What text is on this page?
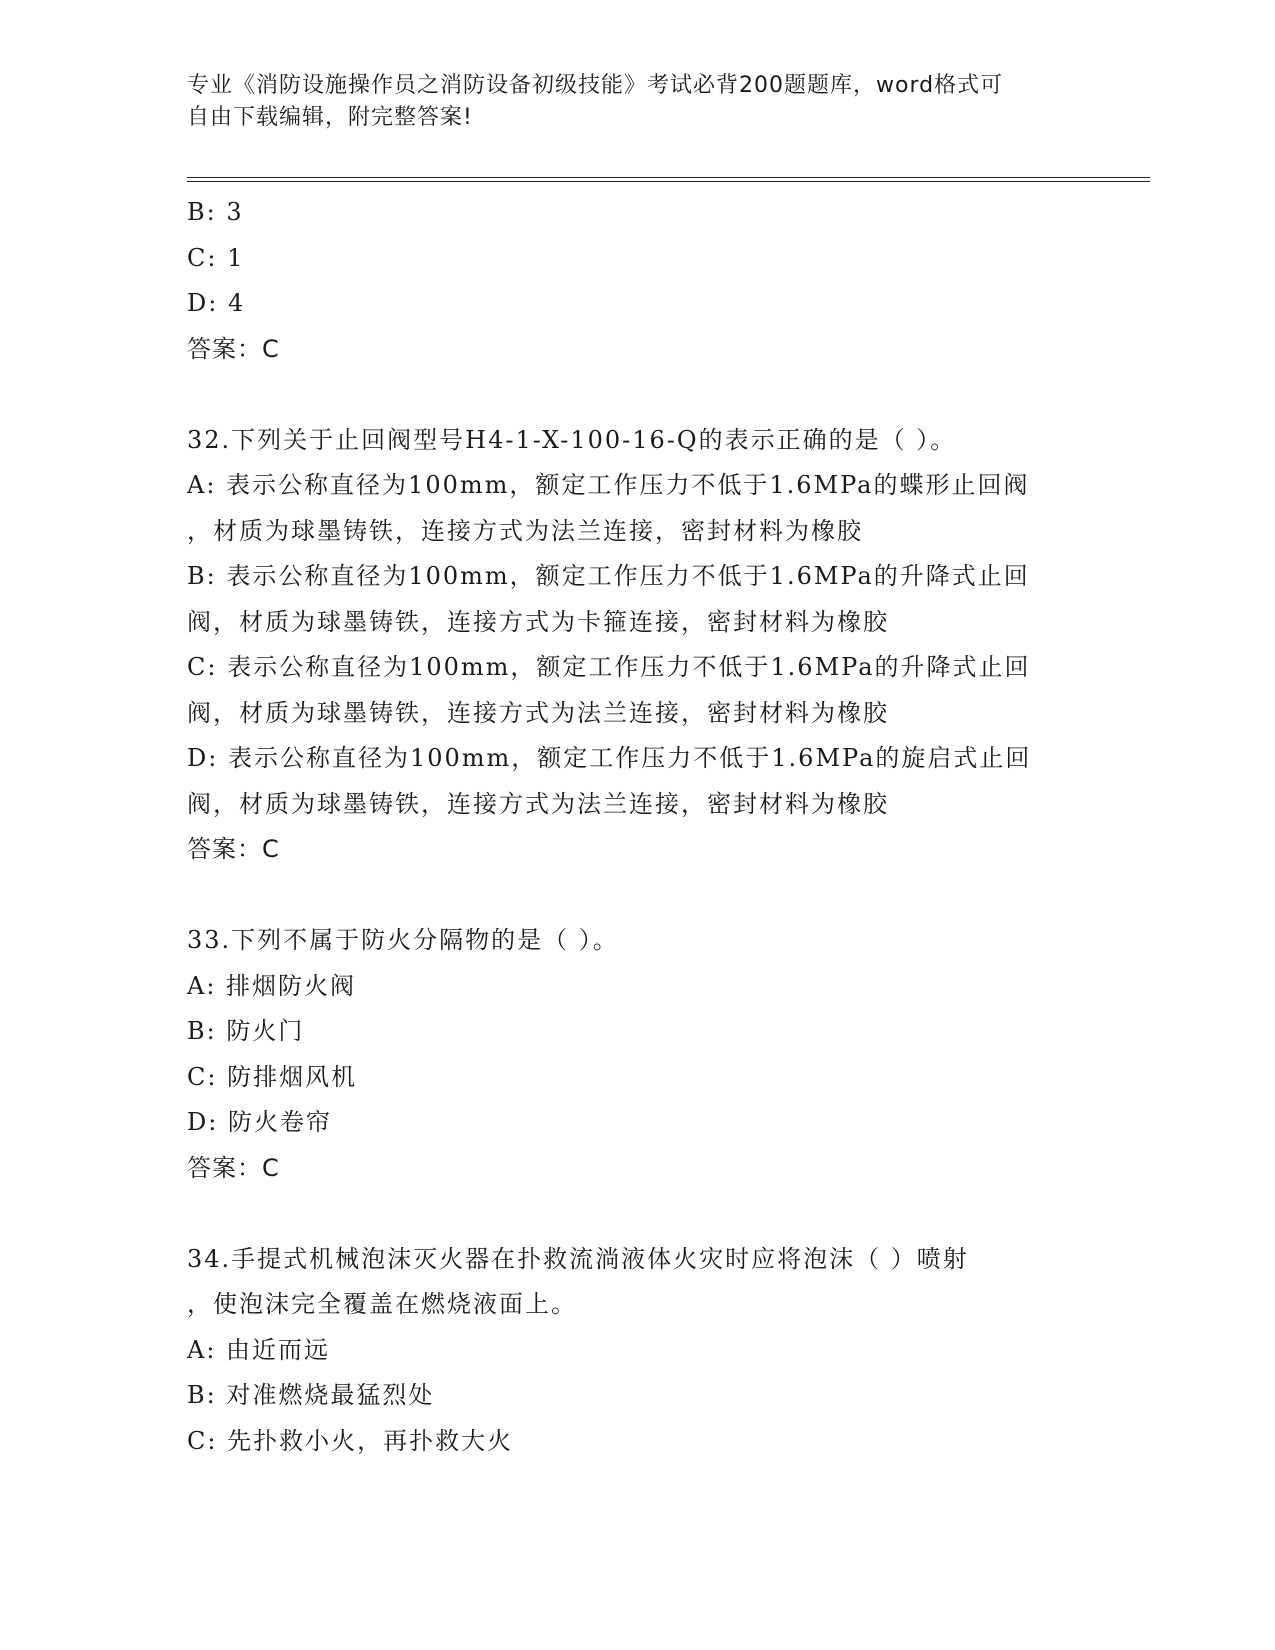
专业《消防设施操作员之消防设备初级技能》考试必背200题题库，word格式可
自由下载编辑，附完整答案!
B: 3
C: 1
D: 4
答案：C
32.下列关于止回阀型号H4-1-X-100-16-Q的表示正确的是（ ）。
A: 表示公称直径为100mm，额定工作压力不低于1.6MPa的蝶形止回阀
，材质为球墨铸铁，连接方式为法兰连接，密封材料为橡胶
B: 表示公称直径为100mm，额定工作压力不低于1.6MPa的升降式止回
阀，材质为球墨铸铁，连接方式为卡箍连接，密封材料为橡胶
C: 表示公称直径为100mm，额定工作压力不低于1.6MPa的升降式止回
阀，材质为球墨铸铁，连接方式为法兰连接，密封材料为橡胶
D: 表示公称直径为100mm，额定工作压力不低于1.6MPa的旋启式止回
阀，材质为球墨铸铁，连接方式为法兰连接，密封材料为橡胶
答案：C
33.下列不属于防火分隔物的是（ ）。
A: 排烟防火阀
B: 防火门
C: 防排烟风机
D: 防火卷帘
答案：C
34.手提式机械泡沫灭火器在扑救流淌液体火灾时应将泡沫（ ）喷射
，使泡沫完全覆盖在燃烧液面上。
A: 由近而远
B: 对准燃烧最猛烈处
C: 先扑救小火，再扑救大火
